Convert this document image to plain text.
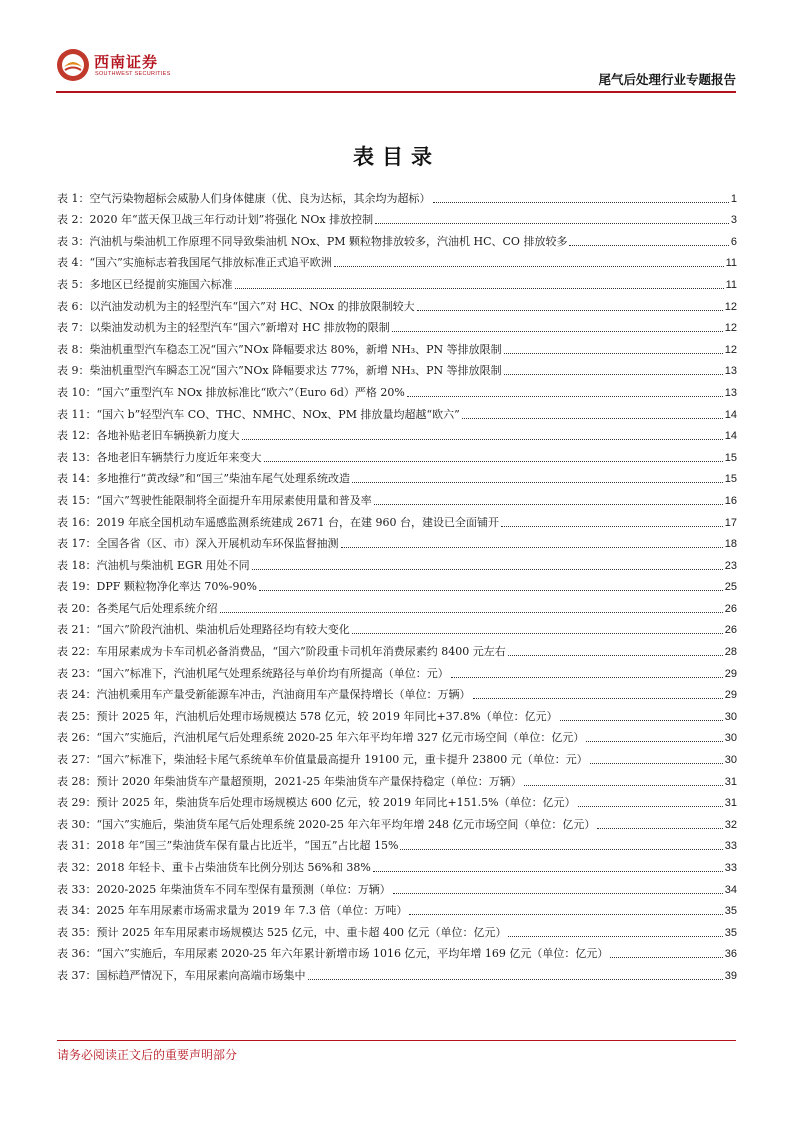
西南证券
SOUTHWEST SECURITIES	尾气后处理行业专题报告
表目录
表 1： 空气污染物超标会威胁人们身体健康（优、良为达标，其余均为超标）	1
表 2： 2020 年“蓝天保卫战三年行动计划”将强化 NOx 排放控制	3
表 3： 汽油机与柴油机工作原理不同导致柴油机 NOx、PM 颗粒物排放较多，汽油机 HC、CO 排放较多	6
表 4： “国六”实施标志着我国尾气排放标准正式追平欧洲	11
表 5： 多地区已经提前实施国六标准	11
表 6： 以汽油发动机为主的轻型汽车“国六”对 HC、NOx 的排放限制较大	12
表 7： 以柴油发动机为主的轻型汽车“国六”新增对 HC 排放物的限制	12
表 8： 柴油机重型汽车稳态工况“国六”NOx 降幅要求达 80%，新增 NH₃、PN 等排放限制	12
表 9： 柴油机重型汽车瞬态工况“国六”NOx 降幅要求达 77%，新增 NH₃、PN 等排放限制	13
表 10： “国六”重型汽车 NOx 排放标准比“欧六”（Euro 6d）严格 20%	13
表 11： “国六 b”轻型汽车 CO、THC、NMHC、NOx、PM 排放量均超越“欧六”	14
表 12： 各地补贴老旧车辆换新力度大	14
表 13： 各地老旧车辆禁行力度近年来变大	15
表 14： 多地推行“黄改绿”和“国三”柴油车尾气处理系统改造	15
表 15： “国六”驾驶性能限制将全面提升车用尿素使用量和普及率	16
表 16： 2019 年底全国机动车遥感监测系统建成 2671 台，在建 960 台，建设已全面铺开	17
表 17： 全国各省（区、市）深入开展机动车环保监督抽测	18
表 18： 汽油机与柴油机 EGR 用处不同	23
表 19： DPF 颗粒物净化率达 70%-90%	25
表 20： 各类尾气后处理系统介绍	26
表 21： “国六”阶段汽油机、柴油机后处理路径均有较大变化	26
表 22： 车用尿素成为卡车司机必备消费品，“国六”阶段重卡司机年消费尿素约 8400 元左右	28
表 23： “国六”标准下，汽油机尾气处理系统路径与单价均有所提高（单位：元）	29
表 24： 汽油机乘用车产量受新能源车冲击，汽油商用车产量保持增长（单位：万辆）	29
表 25： 预计 2025 年，汽油机后处理市场规模达 578 亿元，较 2019 年同比+37.8%（单位：亿元）	30
表 26： “国六”实施后，汽油机尾气后处理系统 2020-25 年六年平均年增 327 亿元市场空间（单位：亿元）	30
表 27： “国六”标准下，柴油轻卡尾气系统单车价值量最高提升 19100 元，重卡提升 23800 元（单位：元）	30
表 28： 预计 2020 年柴油货车产量超预期，2021-25 年柴油货车产量保持稳定（单位：万辆）	31
表 29： 预计 2025 年，柴油货车后处理市场规模达 600 亿元，较 2019 年同比+151.5%（单位：亿元）	31
表 30： “国六”实施后，柴油货车尾气后处理系统 2020-25 年六年平均年增 248 亿元市场空间（单位：亿元）	32
表 31： 2018 年“国三”柴油货车保有量占比近半，“国五”占比超 15%	33
表 32： 2018 年轻卡、重卡占柴油货车比例分别达 56%和 38%	33
表 33： 2020-2025 年柴油货车不同车型保有量预测（单位：万辆）	34
表 34： 2025 年车用尿素市场需求量为 2019 年 7.3 倍（单位：万吨）	35
表 35： 预计 2025 年车用尿素市场规模达 525 亿元，中、重卡超 400 亿元（单位：亿元）	35
表 36： “国六”实施后，车用尿素 2020-25 年六年累计新增市场 1016 亿元，平均年增 169 亿元（单位：亿元）	36
表 37： 国标趋严情况下，车用尿素向高端市场集中	39
请务必阅读正文后的重要声明部分
